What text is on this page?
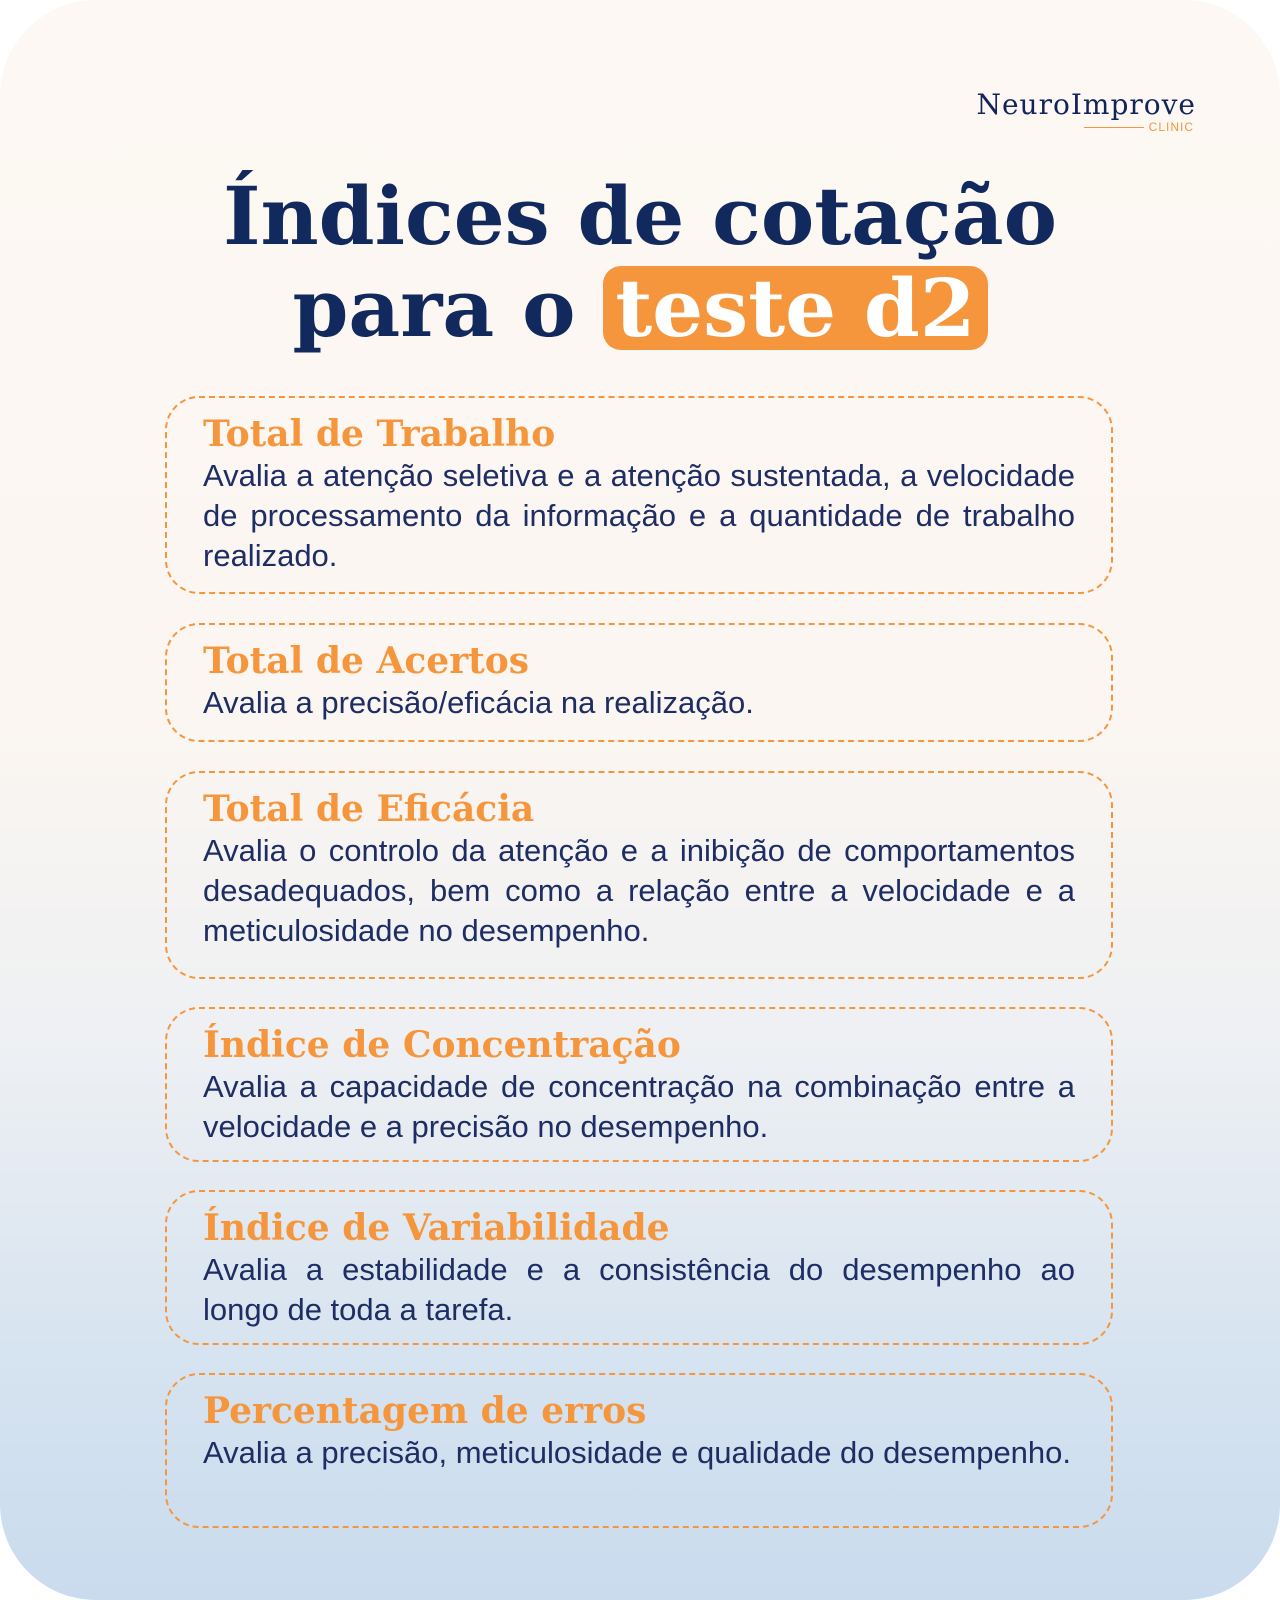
NeuroImprove
CLINIC
Índices de cotação
para o teste d2
Total de Trabalho
Avalia a atenção seletiva e a atenção sustentada, a velocidade de processamento da informação e a quantidade de trabalho realizado.
Total de Acertos
Avalia a precisão/eficácia na realização.
Total de Eficácia
Avalia o controlo da atenção e a inibição de comportamentos desadequados, bem como a relação entre a velocidade e a meticulosidade no desempenho.
Índice de Concentração
Avalia a capacidade de concentração na combinação entre a velocidade e a precisão no desempenho.
Índice de Variabilidade
Avalia a estabilidade e a consistência do desempenho ao longo de toda a tarefa.
Percentagem de erros
Avalia a precisão, meticulosidade e qualidade do desempenho.
